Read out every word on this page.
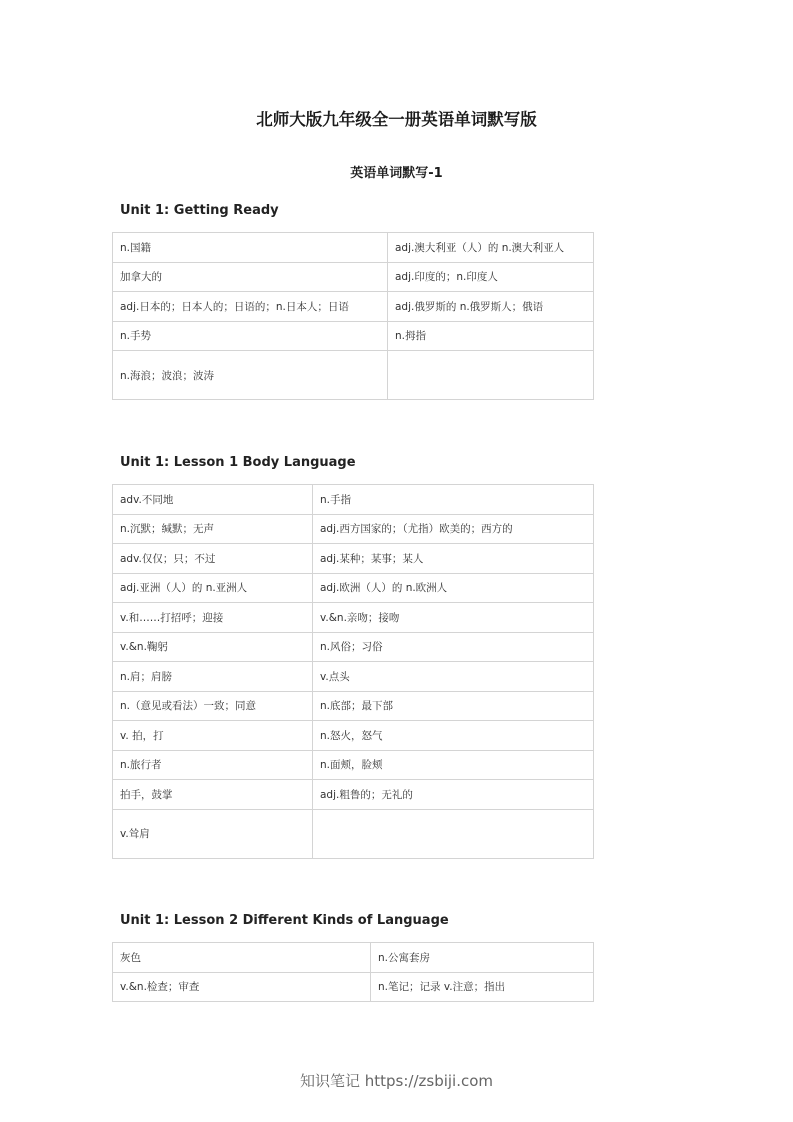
北师大版九年级全一册英语单词默写版
英语单词默写-1
Unit 1: Getting Ready
n.国籍	adj.澳大利亚（人）的 n.澳大利亚人
加拿大的	adj.印度的；n.印度人
adj.日本的；日本人的；日语的；n.日本人；日语	adj.俄罗斯的 n.俄罗斯人；俄语
n.手势	n.拇指
n.海浪；波浪；波涛	
Unit 1: Lesson 1 Body Language
adv.不同地	n.手指
n.沉默；缄默；无声	adj.西方国家的；（尤指）欧美的；西方的
adv.仅仅；只；不过	adj.某种；某事；某人
adj.亚洲（人）的 n.亚洲人	adj.欧洲（人）的 n.欧洲人
v.和……打招呼；迎接	v.&n.亲吻；接吻
v.&n.鞠躬	n.风俗；习俗
n.肩；肩膀	v.点头
n.（意见或看法）一致；同意	n.底部；最下部
v. 拍，打	n.怒火，怒气
n.旅行者	n.面颊，脸颊
拍手，鼓掌	adj.粗鲁的；无礼的
v.耸肩	
Unit 1: Lesson 2 Different Kinds of Language
灰色	n.公寓套房
v.&n.检查；审查	n.笔记；记录 v.注意；指出
知识笔记 https://zsbiji.com
